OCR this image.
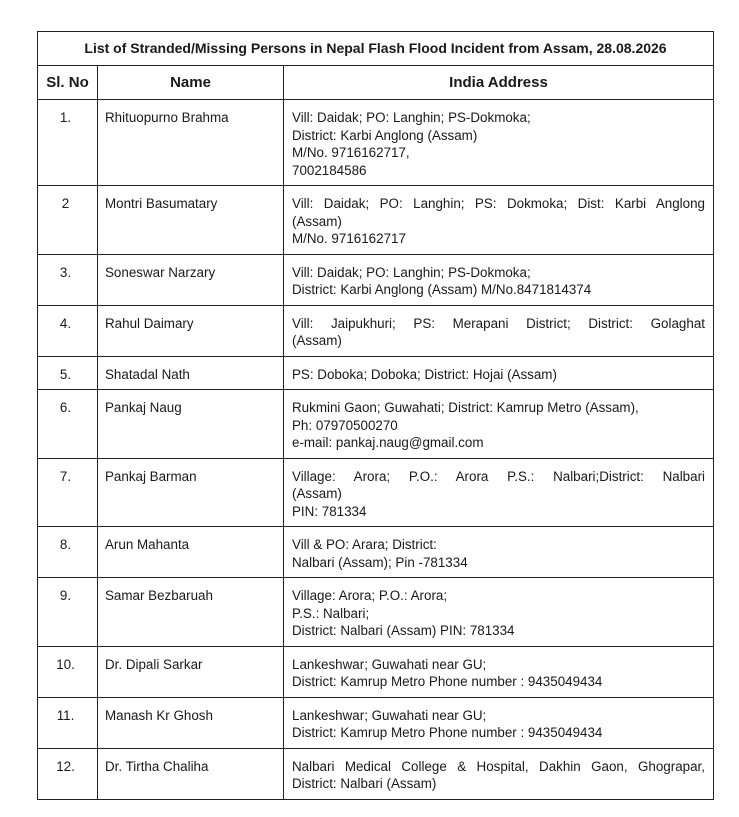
List of Stranded/Missing Persons in Nepal Flash Flood Incident from Assam, 28.08.2026		
Sl. No	Name	India Address
1.	Rhituopurno Brahma	Vill: Daidak; PO: Langhin; PS-Dokmoka;
District: Karbi Anglong (Assam)
M/No. 9716162717,
7002184586

2	Montri Basumatary	Vill: Daidak; PO: Langhin; PS: Dokmoka; Dist: Karbi Anglong
(Assam)
M/No. 9716162717

3.	Soneswar Narzary	Vill: Daidak; PO: Langhin; PS-Dokmoka;
District: Karbi Anglong (Assam) M/No.8471814374

4.	Rahul Daimary	Vill: Jaipukhuri; PS: Merapani District; District: Golaghat
(Assam)

5.	Shatadal Nath	PS: Doboka; Doboka; District: Hojai (Assam)

6.	Pankaj Naug	Rukmini Gaon; Guwahati; District: Kamrup Metro (Assam),
Ph: 07970500270
e-mail: pankaj.naug@gmail.com

7.	Pankaj Barman	Village: Arora; P.O.: Arora P.S.: Nalbari;District: Nalbari
(Assam)
PIN: 781334

8.	Arun Mahanta	Vill & PO: Arara; District:
Nalbari (Assam); Pin -781334

9.	Samar Bezbaruah	Village: Arora; P.O.: Arora;
P.S.: Nalbari;
District: Nalbari (Assam) PIN: 781334

10.	Dr. Dipali Sarkar	Lankeshwar; Guwahati near GU;
District: Kamrup Metro Phone number : 9435049434

11.	Manash Kr Ghosh	Lankeshwar; Guwahati near GU;
District: Kamrup Metro Phone number : 9435049434

12.	Dr. Tirtha Chaliha	Nalbari Medical College & Hospital, Dakhin Gaon, Ghograpar,
District: Nalbari (Assam)
